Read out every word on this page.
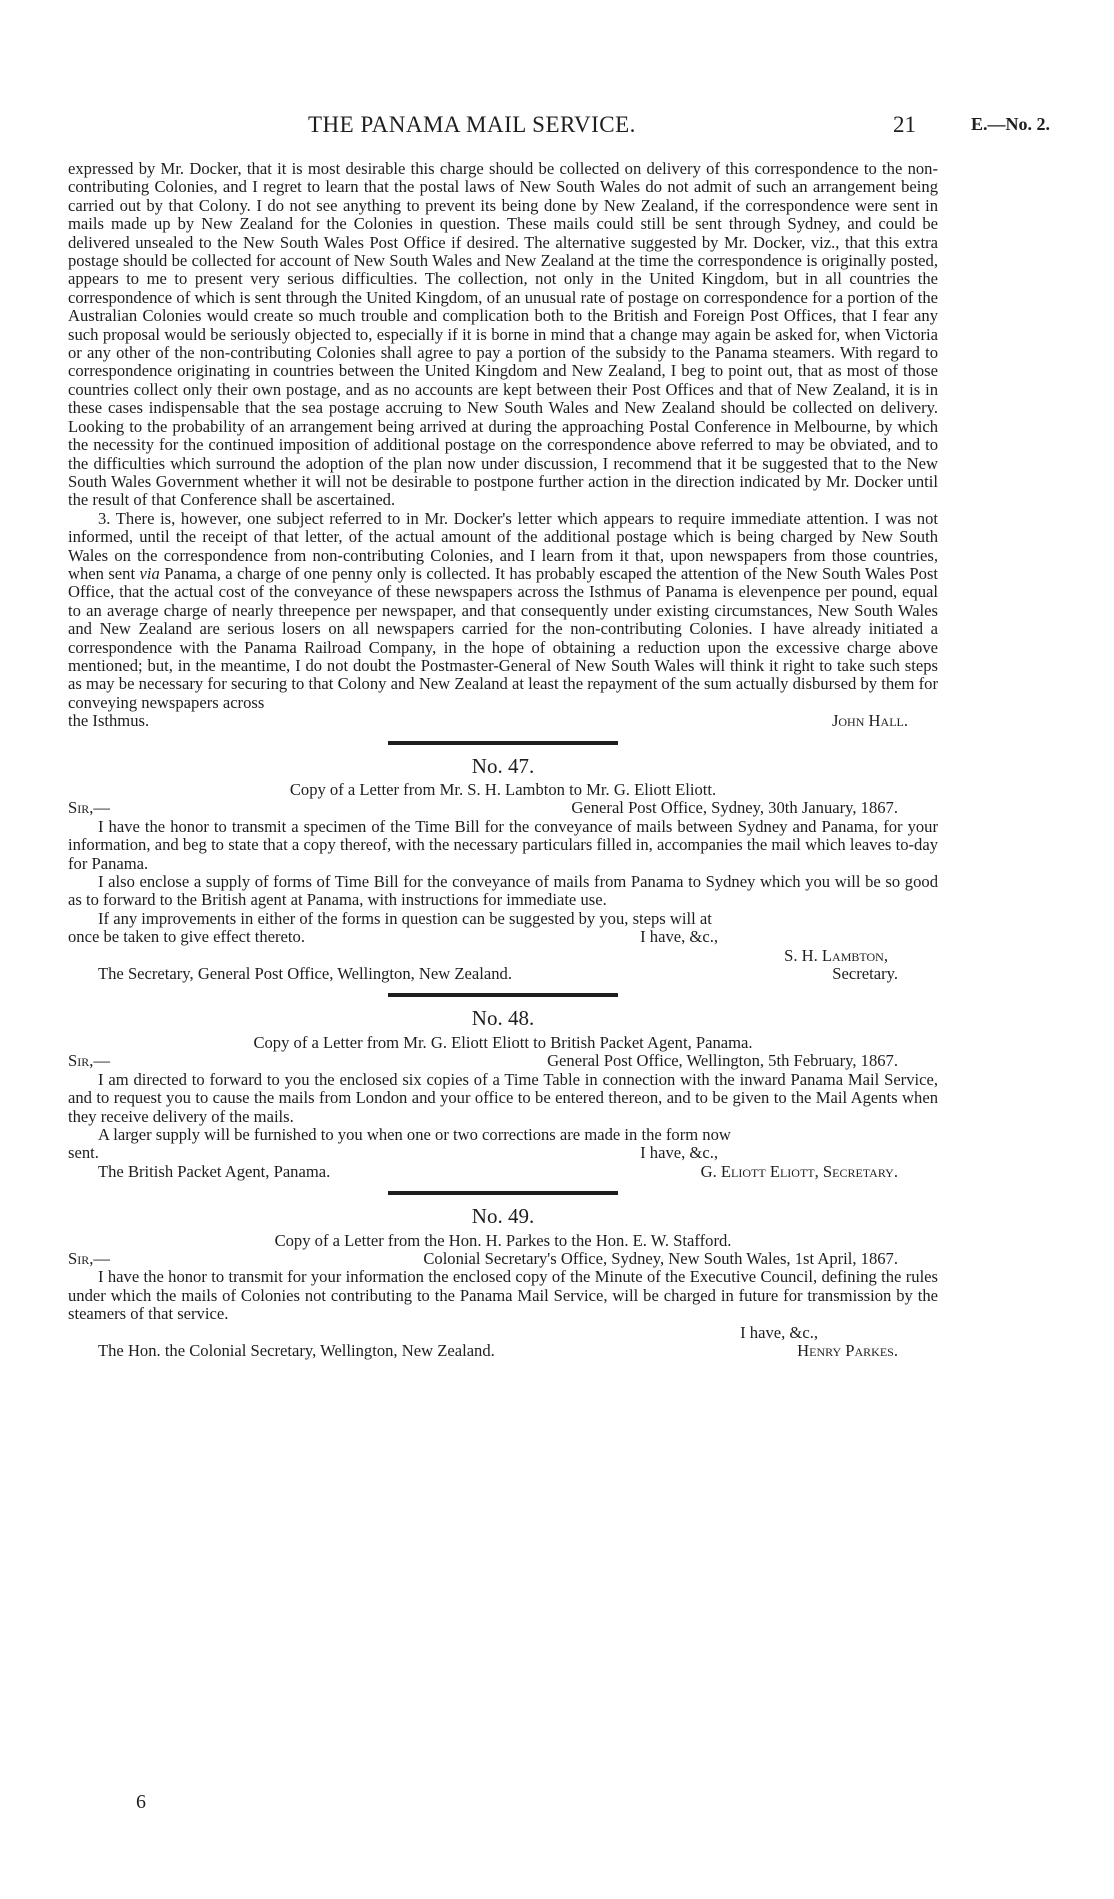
THE PANAMA MAIL SERVICE.	21	E.—No. 2.

expressed by Mr. Docker, that it is most desirable this charge should be collected on delivery of this correspondence to the non-contributing Colonies, and I regret to learn that the postal laws of New South Wales do not admit of such an arrangement being carried out by that Colony. I do not see anything to prevent its being done by New Zealand, if the correspondence were sent in mails made up by New Zealand for the Colonies in question. These mails could still be sent through Sydney, and could be delivered unsealed to the New South Wales Post Office if desired. The alternative suggested by Mr. Docker, viz., that this extra postage should be collected for account of New South Wales and New Zealand at the time the correspondence is originally posted, appears to me to present very serious difficulties. The collection, not only in the United Kingdom, but in all countries the correspondence of which is sent through the United Kingdom, of an unusual rate of postage on correspondence for a portion of the Australian Colonies would create so much trouble and complication both to the British and Foreign Post Offices, that I fear any such proposal would be seriously objected to, especially if it is borne in mind that a change may again be asked for, when Victoria or any other of the non-contributing Colonies shall agree to pay a portion of the subsidy to the Panama steamers. With regard to correspondence originating in countries between the United Kingdom and New Zealand, I beg to point out, that as most of those countries collect only their own postage, and as no accounts are kept between their Post Offices and that of New Zealand, it is in these cases indispensable that the sea postage accruing to New South Wales and New Zealand should be collected on delivery. Looking to the probability of an arrangement being arrived at during the approaching Postal Conference in Melbourne, by which the necessity for the continued imposition of additional postage on the correspondence above referred to may be obviated, and to the difficulties which surround the adoption of the plan now under discussion, I recommend that it be suggested that to the New South Wales Government whether it will not be desirable to postpone further action in the direction indicated by Mr. Docker until the result of that Conference shall be ascertained.

3. There is, however, one subject referred to in Mr. Docker's letter which appears to require immediate attention. I was not informed, until the receipt of that letter, of the actual amount of the additional postage which is being charged by New South Wales on the correspondence from non-contributing Colonies, and I learn from it that, upon newspapers from those countries, when sent via Panama, a charge of one penny only is collected. It has probably escaped the attention of the New South Wales Post Office, that the actual cost of the conveyance of these newspapers across the Isthmus of Panama is elevenpence per pound, equal to an average charge of nearly threepence per newspaper, and that consequently under existing circumstances, New South Wales and New Zealand are serious losers on all newspapers carried for the non-contributing Colonies. I have already initiated a correspondence with the Panama Railroad Company, in the hope of obtaining a reduction upon the excessive charge above mentioned; but, in the meantime, I do not doubt the Postmaster-General of New South Wales will think it right to take such steps as may be necessary for securing to that Colony and New Zealand at least the repayment of the sum actually disbursed by them for conveying newspapers across

the Isthmus.	John Hall.
No. 47.
Copy of a Letter from Mr. S. H. Lambton to Mr. G. Eliott Eliott.
Sir,—	General Post Office, Sydney, 30th January, 1867.

I have the honor to transmit a specimen of the Time Bill for the conveyance of mails between Sydney and Panama, for your information, and beg to state that a copy thereof, with the necessary particulars filled in, accompanies the mail which leaves to-day for Panama.

I also enclose a supply of forms of Time Bill for the conveyance of mails from Panama to Sydney which you will be so good as to forward to the British agent at Panama, with instructions for immediate use.

If any improvements in either of the forms in question can be suggested by you, steps will at

once be taken to give effect thereto.	I have, &c.,
S. H. Lambton,
The Secretary, General Post Office, Wellington, New Zealand.	Secretary.
No. 48.
Copy of a Letter from Mr. G. Eliott Eliott to British Packet Agent, Panama.
Sir,—	General Post Office, Wellington, 5th February, 1867.

I am directed to forward to you the enclosed six copies of a Time Table in connection with the inward Panama Mail Service, and to request you to cause the mails from London and your office to be entered thereon, and to be given to the Mail Agents when they receive delivery of the mails.

A larger supply will be furnished to you when one or two corrections are made in the form now

sent.	I have, &c.,
The British Packet Agent, Panama.	G. Eliott Eliott, Secretary.
No. 49.
Copy of a Letter from the Hon. H. Parkes to the Hon. E. W. Stafford.
Sir,—	Colonial Secretary's Office, Sydney, New South Wales, 1st April, 1867.

I have the honor to transmit for your information the enclosed copy of the Minute of the Executive Council, defining the rules under which the mails of Colonies not contributing to the Panama Mail Service, will be charged in future for transmission by the steamers of that service.

I have, &c.,
The Hon. the Colonial Secretary, Wellington, New Zealand.	Henry Parkes.
6
